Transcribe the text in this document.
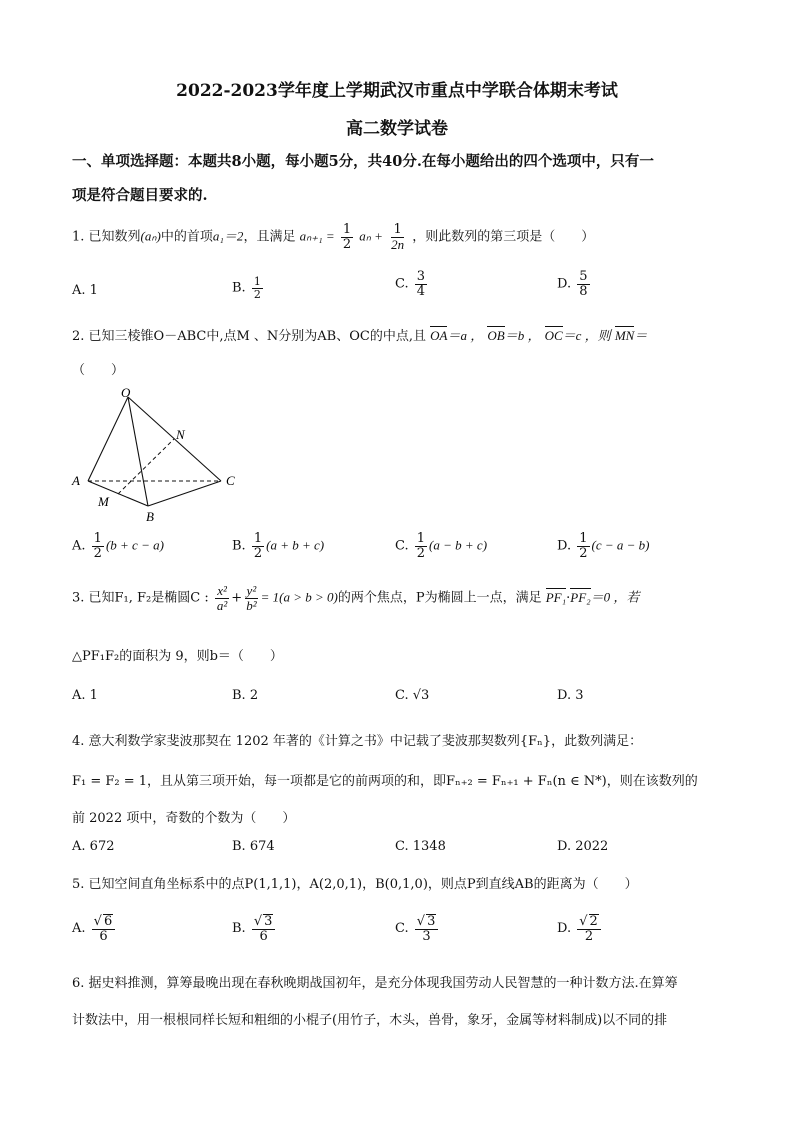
2022-2023学年度上学期武汉市重点中学联合体期末考试
高二数学试卷
一、单项选择题：本题共8小题，每小题5分，共40分.在每小题给出的四个选项中，只有一
项是符合题目要求的.
1. 已知数列(aₙ)中的首项a₁＝2，且满足 $a_{n+1} = \frac{1}{2}$ $a_n + \frac{1}{2n}$ ，则此数列的第三项是（　　）
A. 1	B. $\frac{1}{2}$	C. $\frac{3}{4}$	D. $\frac{5}{8}$
2. 已知三棱锥O－ABC中,点M 、N分别为AB、OC的中点,且 OA＝a ， OB＝b ， OC＝c ，则 MN＝
（　　）
O
N
A	C
M
B
A. $\frac{1}{2} (b + c - a)$	B. $\frac{1}{2} (a + b + c)$	C. $\frac{1}{2} (a - b + c)$	D. $\frac{1}{2} (c - a - b)$
3. 已知F₁, F₂是椭圆C : $\frac{\text{x²}}{\text{a²}} + \frac{\text{y²}}{\text{b²}} = 1(a > b > 0)$的两个焦点，P为椭圆上一点，满足 PF₁·PF₂＝0 ，若
△PF₁F₂的面积为 9，则b＝（　　）
A. 1	B. 2	C. √3	D. 3
4. 意大利数学家斐波那契在 1202 年著的《计算之书》中记载了斐波那契数列{Fₙ}，此数列满足：
F₁ = F₂ = 1，且从第三项开始，每一项都是它的前两项的和，即Fₙ₊₂ = Fₙ₊₁ + Fₙ(n ∈ N*)，则在该数列的
前 2022 项中，奇数的个数为（　　）
A. 672	B. 674	C. 1348	D. 2022
5. 已知空间直角坐标系中的点P(1,1,1)，A(2,0,1)，B(0,1,0)，则点P到直线AB的距离为（　　）
A. $\frac{√ 6}{6}$	B. $\frac{√ 3}{6}$	C. $\frac{√ 3}{3}$	D. $\frac{√ 2}{2}$
6. 据史料推测，算筹最晚出现在春秋晚期战国初年，是充分体现我国劳动人民智慧的一种计数方法.在算筹
计数法中，用一根根同样长短和粗细的小棍子(用竹子，木头，兽骨，象牙，金属等材料制成)以不同的排
